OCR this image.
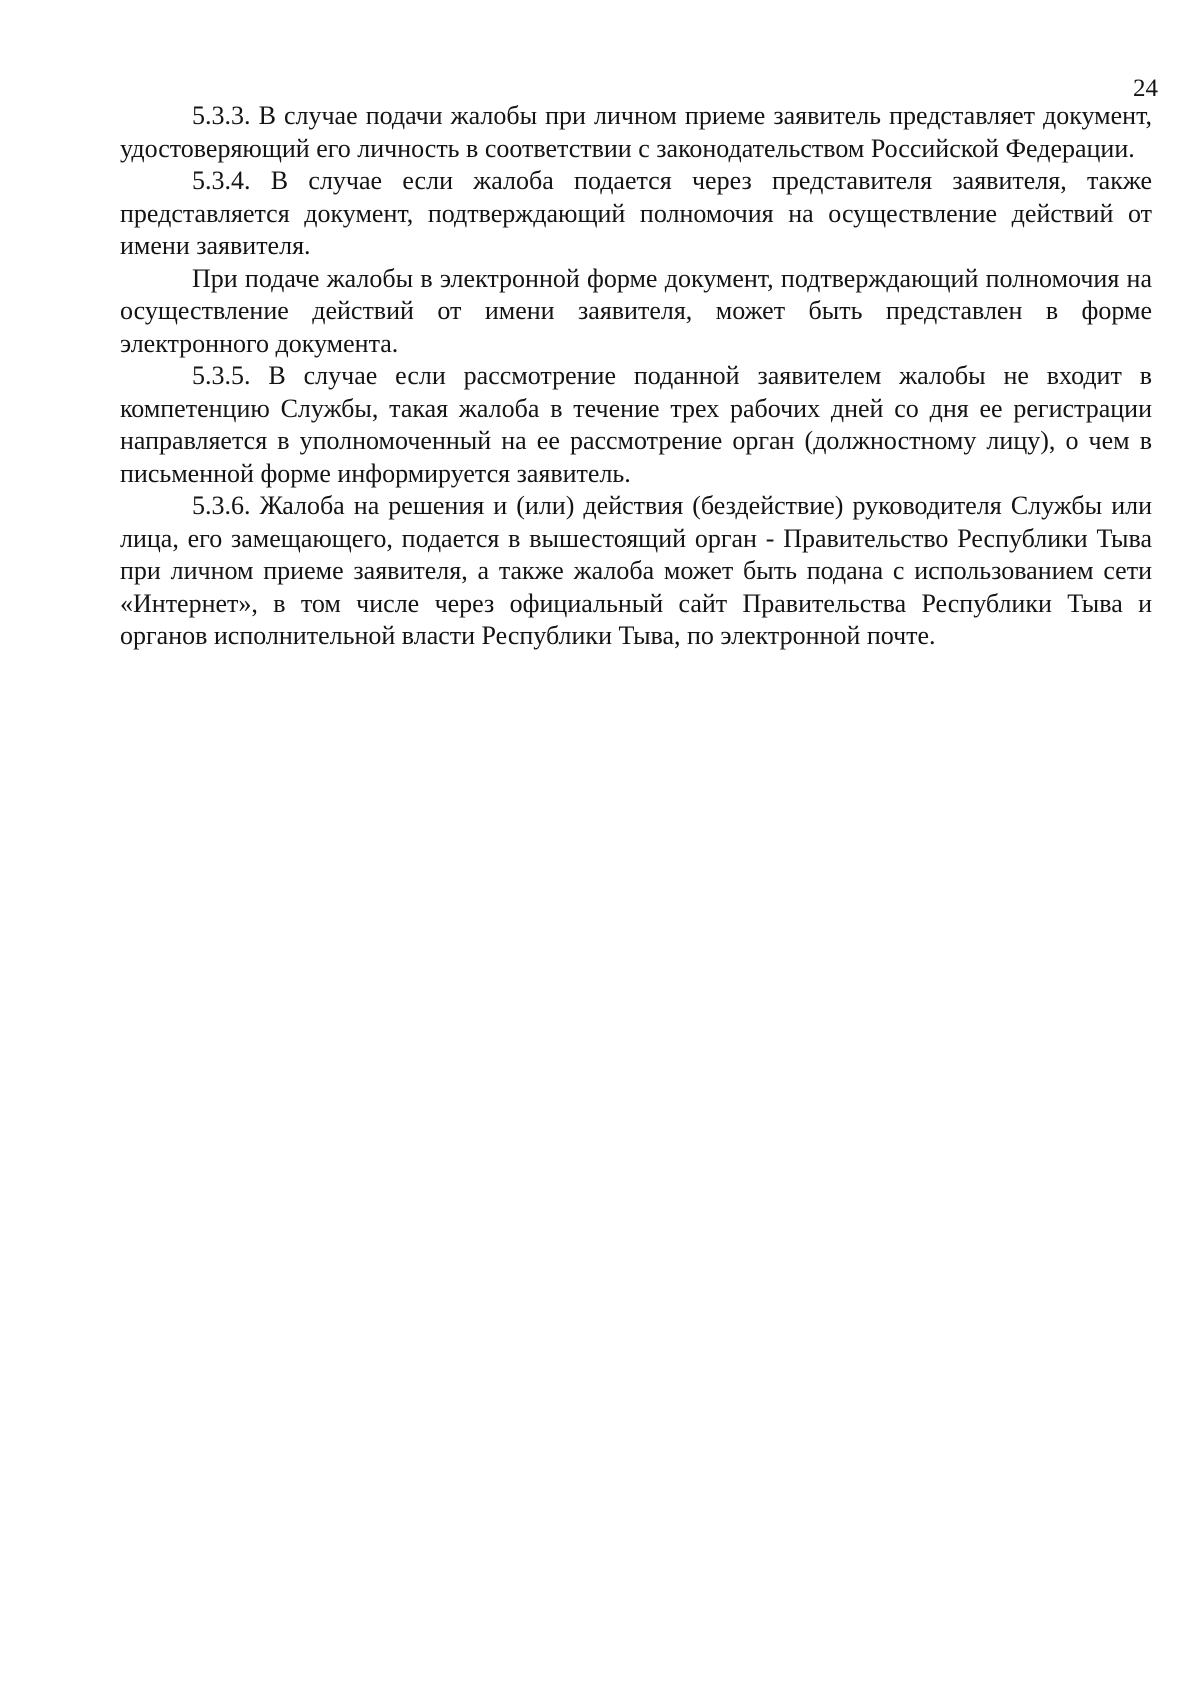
24

5.3.3. В случае подачи жалобы при личном приеме заявитель представляет документ, удостоверяющий его личность в соответствии с законодательством Российской Федерации.

5.3.4. В случае если жалоба подается через представителя заявителя, также представляется документ, подтверждающий полномочия на осуществление действий от имени заявителя.

При подаче жалобы в электронной форме документ, подтверждающий полномочия на осуществление действий от имени заявителя, может быть представлен в форме электронного документа.

5.3.5. В случае если рассмотрение поданной заявителем жалобы не входит в компетенцию Службы, такая жалоба в течение трех рабочих дней со дня ее регистрации направляется в уполномоченный на ее рассмотрение орган (должностному лицу), о чем в письменной форме информируется заявитель.

5.3.6. Жалоба на решения и (или) действия (бездействие) руководителя Службы или лица, его замещающего, подается в вышестоящий орган - Правительство Республики Тыва при личном приеме заявителя, а также жалоба может быть подана с использованием сети «Интернет», в том числе через официальный сайт Правительства Республики Тыва и органов исполнительной власти Республики Тыва, по электронной почте.
